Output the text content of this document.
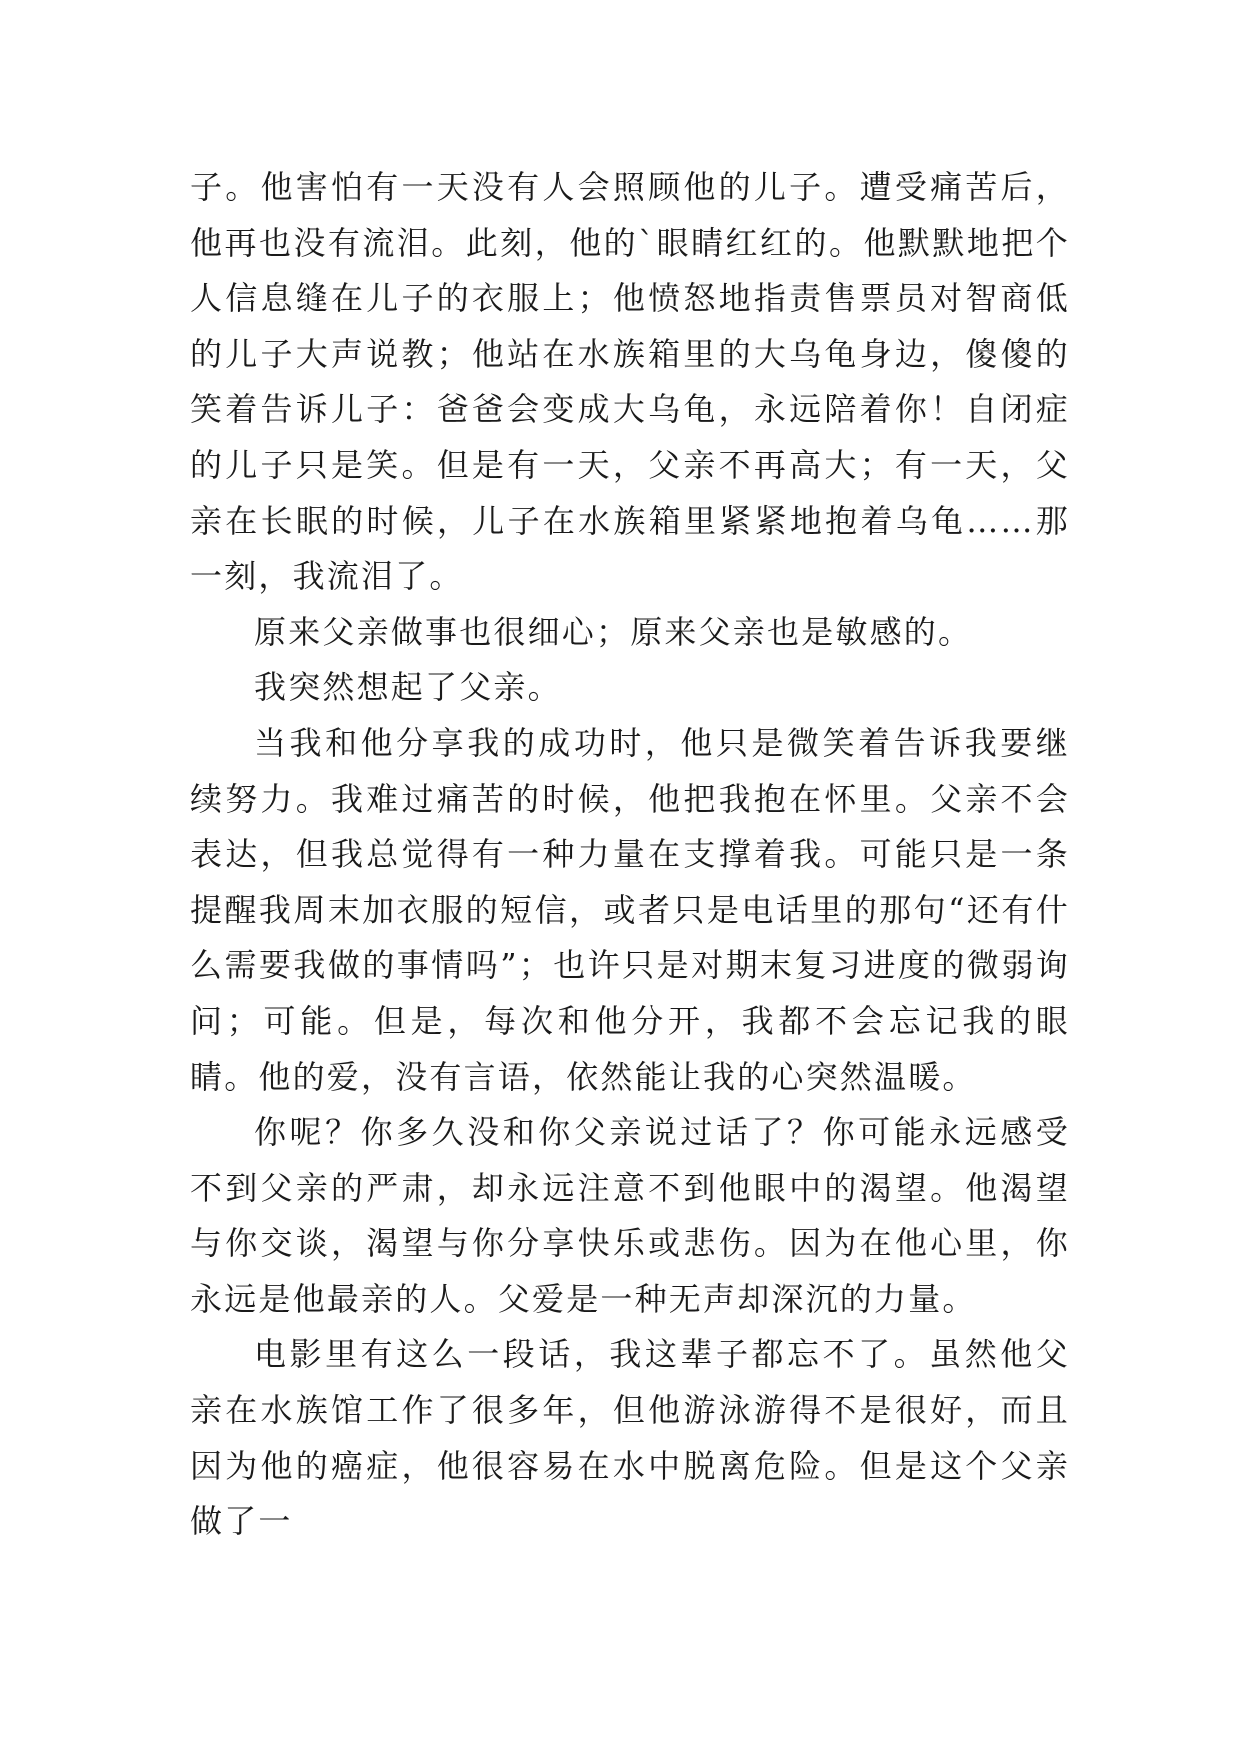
子。他害怕有一天没有人会照顾他的儿子。遭受痛苦后，他再也没有流泪。此刻，他的`眼睛红红的。他默默地把个人信息缝在儿子的衣服上；他愤怒地指责售票员对智商低的儿子大声说教；他站在水族箱里的大乌龟身边，傻傻的笑着告诉儿子：爸爸会变成大乌龟，永远陪着你！自闭症的儿子只是笑。但是有一天，父亲不再高大；有一天，父亲在长眠的时候，儿子在水族箱里紧紧地抱着乌龟……那一刻，我流泪了。

原来父亲做事也很细心；原来父亲也是敏感的。

我突然想起了父亲。

当我和他分享我的成功时，他只是微笑着告诉我要继续努力。我难过痛苦的时候，他把我抱在怀里。父亲不会表达，但我总觉得有一种力量在支撑着我。可能只是一条提醒我周末加衣服的短信，或者只是电话里的那句“还有什么需要我做的事情吗”；也许只是对期末复习进度的微弱询问；可能。但是，每次和他分开，我都不会忘记我的眼睛。他的爱，没有言语，依然能让我的心突然温暖。

你呢？你多久没和你父亲说过话了？你可能永远感受不到父亲的严肃，却永远注意不到他眼中的渴望。他渴望与你交谈，渴望与你分享快乐或悲伤。因为在他心里，你永远是他最亲的人。父爱是一种无声却深沉的力量。

电影里有这么一段话，我这辈子都忘不了。虽然他父亲在水族馆工作了很多年，但他游泳游得不是很好，而且因为他的癌症，他很容易在水中脱离危险。但是这个父亲做了一
